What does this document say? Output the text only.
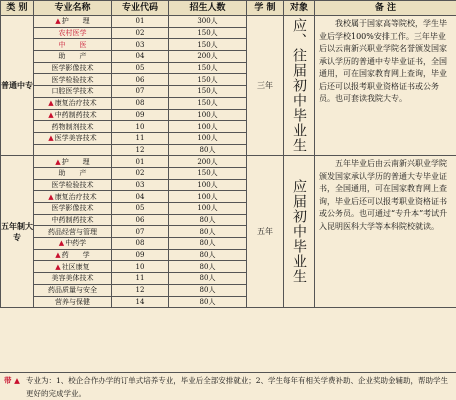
类 别	专业名称	专业代码	招生人数	学 制	对象	备 注
普通中专	▲护　　理	01	300人	三年	应、往届初中毕业生	我校属于国家高等院校，学生毕业后学校100%安排工作。三年毕业后以云南新兴职业学院名誉颁发国家承认学历的普通中专毕业证书，全国通用，可在国家教育网上查询，毕业后还可以报考职业资格证书或公务员。也可套读我院大专。

	农村医学	02	150人			
	中　　医	03	150人			
	助　　产	04	200人			
	医学影像技术	05	150人			
	医学检验技术	06	150人			
	口腔医学技术	07	150人			
	▲康复治疗技术	08	150人			
	▲中药制药技术	09	100人			
	药物制剂技术	10	100人			
	▲医学美容技术	11	100人			
		12	80人			
五年制大专	▲护　　理	01	200人	五年	应届初中毕业生	五年毕业后由云南新兴职业学院颁发国家承认学历的普通大专毕业证书，全国通用，可在国家教育网上查询，毕业后还可以报考职业资格证书或公务员。也可通过“专升本”考试升入昆明医科大学等本科院校就读。

	助　　产	02	150人			
	医学检验技术	03	100人			
	▲康复治疗技术	04	100人			
	医学影像技术	05	100人			
	中药制药技术	06	80人			
	药品经营与管理	07	80人			
	▲中药学	08	80人			
	▲药　　学	09	80人			
	▲社区康复	10	80人			
	美容美体技术	11	80人			
	药品质量与安全	12	80人			
	营养与保健	14	80人			
带 ▲ 专业为：1、校企合作办学的订单式培养专业，毕业后全部安排就业；2、学生每年有相关学费补助、企业奖助金辅助，帮助学生更好的完成学业。
